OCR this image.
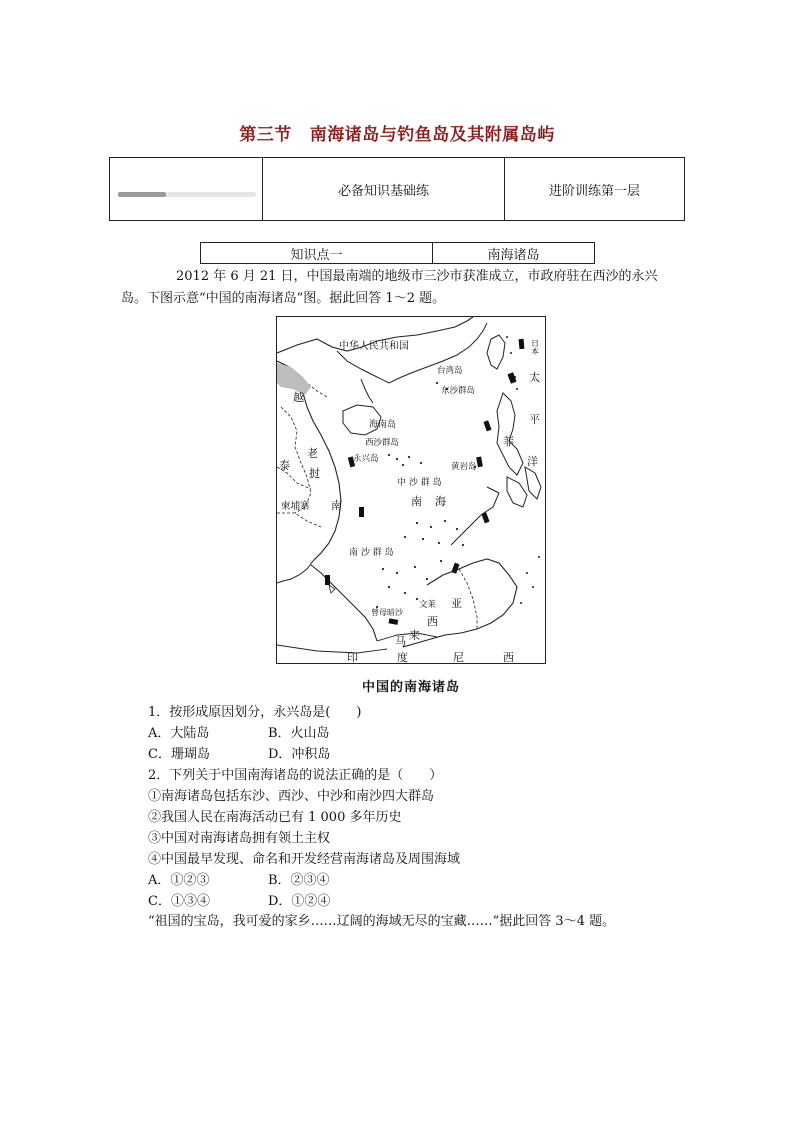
第三节 南海诸岛与钓鱼岛及其附属岛屿
必备知识基础练	进阶训练第一层
知识点一	南海诸岛
2012 年 6 月 21 日，中国最南端的地级市三沙市获准成立，市政府驻在西沙的永兴
岛。下图示意“中国的南海诸岛”图。据此回答 1～2 题。
中华人民共和国
台湾岛
东沙群岛
海南岛
西沙群岛
永兴岛
黄岩岛
中 沙 群 岛
南 海
南 沙 群 岛
曾母暗沙
文莱
越
老
泰
挝
南
柬埔寨
菲
洋
日本
太
平
亚
西
马 来
印	度	尼	西
中国的南海诸岛
1．按形成原因划分，永兴岛是(　　)
A．大陆岛	B．火山岛
C．珊瑚岛	D．冲积岛
2．下列关于中国南海诸岛的说法正确的是（　　）
①南海诸岛包括东沙、西沙、中沙和南沙四大群岛
②我国人民在南海活动已有 1 000 多年历史
③中国对南海诸岛拥有领土主权
④中国最早发现、命名和开发经营南海诸岛及周围海域
A．①②③	B．②③④
C．①③④	D．①②④
“祖国的宝岛，我可爱的家乡……辽阔的海域无尽的宝藏……”据此回答 3～4 题。
